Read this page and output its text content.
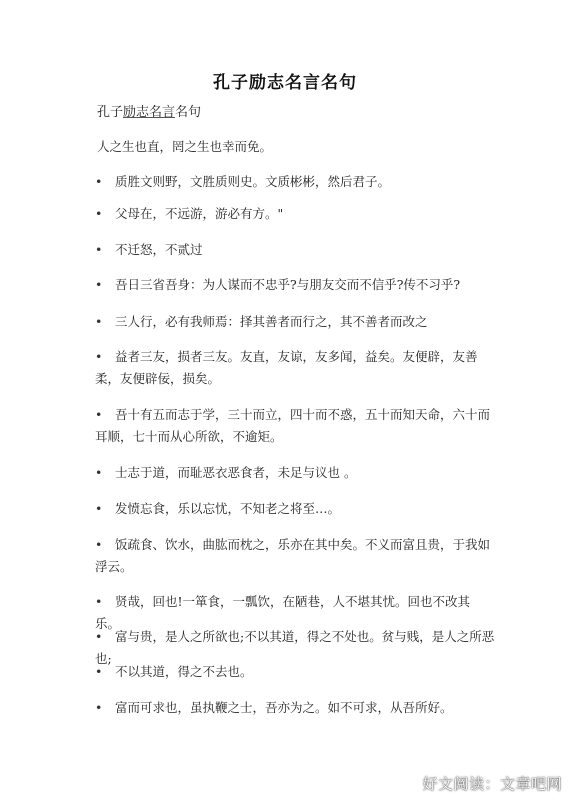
孔子励志名言名句
孔子励志名言名句
人之生也直，罔之生也幸而免。
• 质胜文则野，文胜质则史。文质彬彬，然后君子。
• 父母在，不远游，游必有方。"
• 不迁怒，不贰过
• 吾日三省吾身：为人谋而不忠乎?与朋友交而不信乎?传不习乎?
• 三人行，必有我师焉：择其善者而行之，其不善者而改之
• 益者三友，损者三友。友直，友谅，友多闻，益矣。友便辟，友善柔，友便辟佞，损矣。
• 吾十有五而志于学，三十而立，四十而不惑，五十而知天命，六十而耳顺，七十而从心所欲，不逾矩。
• 士志于道，而耻恶衣恶食者，未足与议也 。
• 发愤忘食，乐以忘忧，不知老之将至…。
• 饭疏食、饮水，曲肱而枕之，乐亦在其中矣。不义而富且贵，于我如浮云。
• 贤哉，回也!一箪食，一瓢饮，在陋巷，人不堪其忧。回也不改其乐。
• 富与贵，是人之所欲也;不以其道，得之不处也。贫与贱，是人之所恶也;
• 不以其道，得之不去也。
• 富而可求也，虽执鞭之士，吾亦为之。如不可求，从吾所好。
好文阅读：文章吧网
